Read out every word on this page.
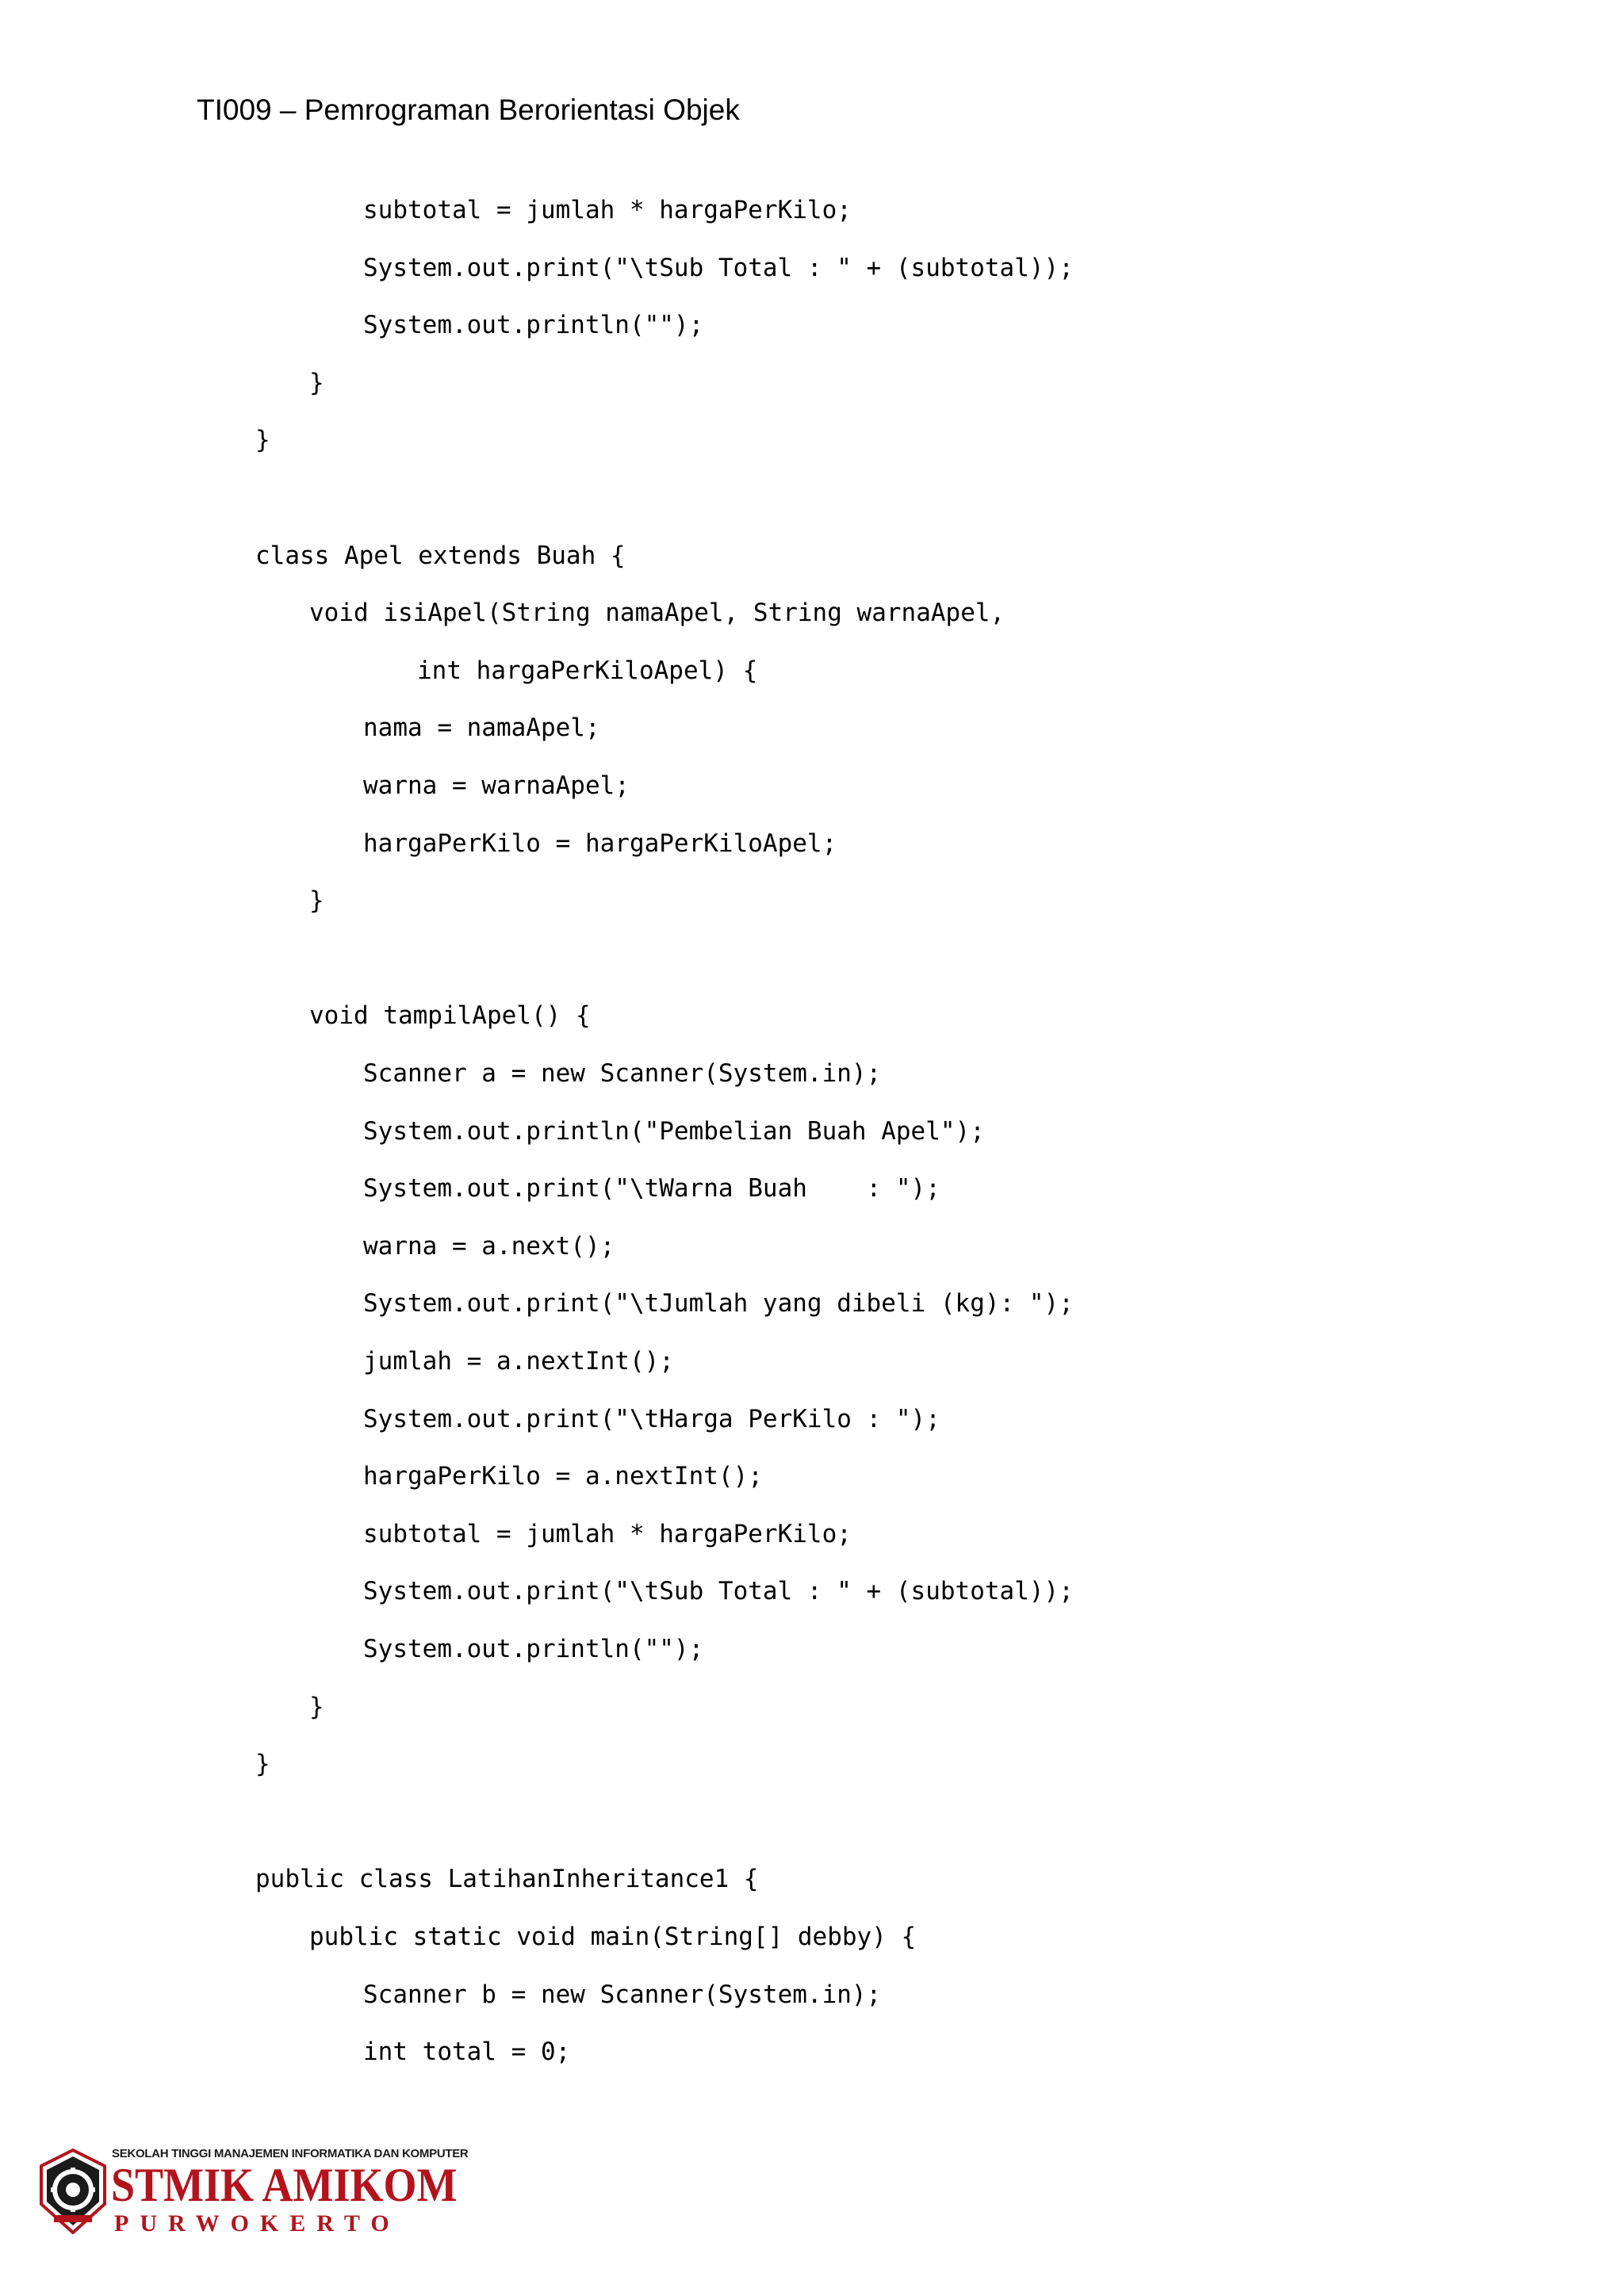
TI009 – Pemrograman Berorientasi Objek
subtotal = jumlah * hargaPerKilo;
System.out.print("\tSub Total : " + (subtotal));
System.out.println("");
}
}
class Apel extends Buah {
void isiApel(String namaApel, String warnaApel,
int hargaPerKiloApel) {
nama = namaApel;
warna = warnaApel;
hargaPerKilo = hargaPerKiloApel;
}
void tampilApel() {
Scanner a = new Scanner(System.in);
System.out.println("Pembelian Buah Apel");
System.out.print("\tWarna Buah    : ");
warna = a.next();
System.out.print("\tJumlah yang dibeli (kg): ");
jumlah = a.nextInt();
System.out.print("\tHarga PerKilo : ");
hargaPerKilo = a.nextInt();
subtotal = jumlah * hargaPerKilo;
System.out.print("\tSub Total : " + (subtotal));
System.out.println("");
}
}
public class LatihanInheritance1 {
public static void main(String[] debby) {
Scanner b = new Scanner(System.in);
int total = 0;
SEKOLAH TINGGI MANAJEMEN INFORMATIKA DAN KOMPUTER
STMIK AMIKOM
PURWOKERTO
